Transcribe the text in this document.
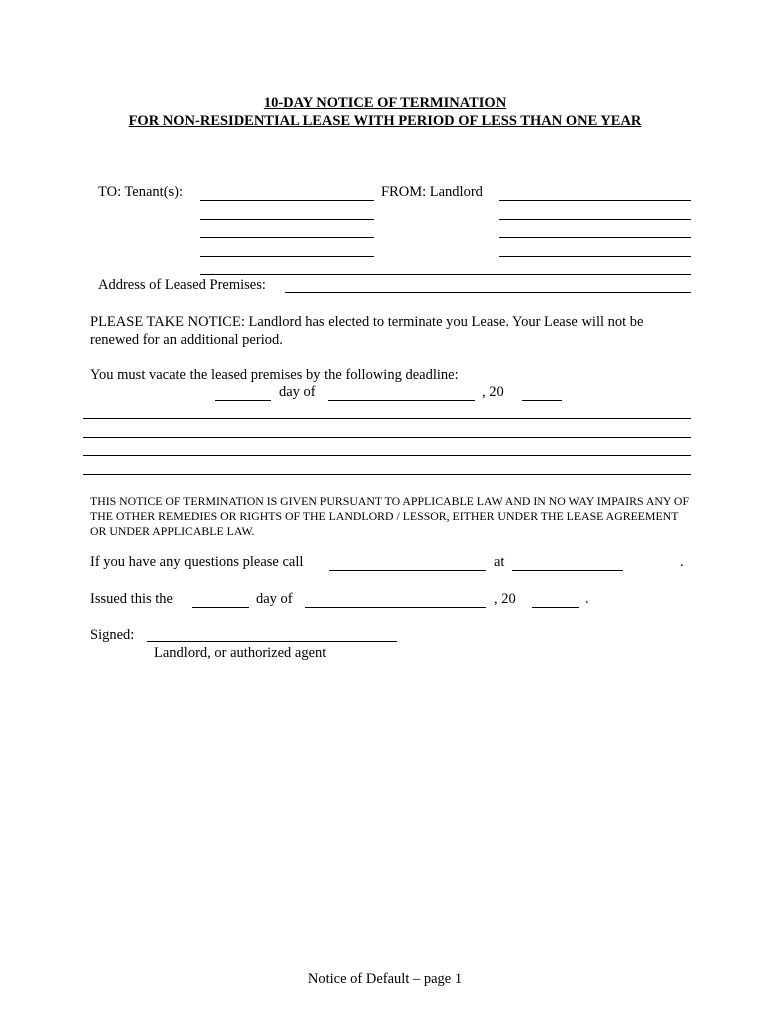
10-DAY NOTICE OF TERMINATION
FOR NON-RESIDENTIAL LEASE WITH PERIOD OF LESS THAN ONE YEAR
TO: Tenant(s):	FROM: Landlord
Address of Leased Premises:
PLEASE TAKE NOTICE: Landlord has elected to terminate you Lease. Your Lease will not be renewed for an additional period.
You must vacate the leased premises by the following deadline:
day of	, 20
THIS NOTICE OF TERMINATION IS GIVEN PURSUANT TO APPLICABLE LAW AND IN NO WAY IMPAIRS ANY OF THE OTHER REMEDIES OR RIGHTS OF THE LANDLORD / LESSOR, EITHER UNDER THE LEASE AGREEMENT OR UNDER APPLICABLE LAW.
If you have any questions please call	at	.
Issued this the	day of	, 20	.
Signed:
Landlord, or authorized agent
Notice of Default – page 1
